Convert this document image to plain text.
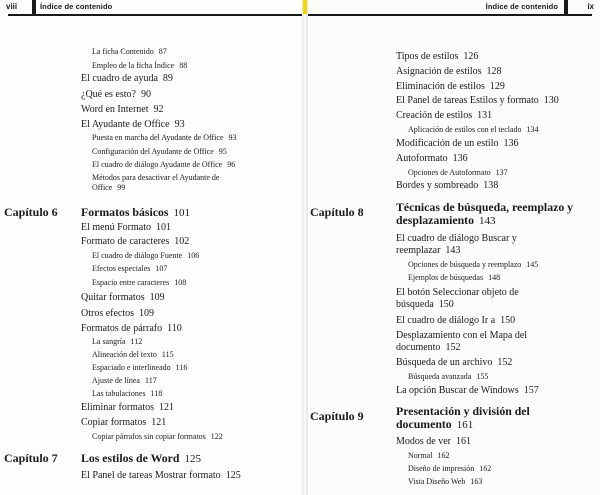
viii	Índice de contenido
La ficha Contenido 87
Empleo de la ficha Índice 88
El cuadro de ayuda 89
¿Qué es esto? 90
Word en Internet 92
El Ayudante de Office 93
Puesta en marcha del Ayudante de Office 93
Configuración del Ayudante de Office 95
El cuadro de diálogo Ayudante de Office 96
Métodos para desactivar el Ayudante de
Office 99
Capítulo 6 Formatos básicos 101
El menú Formato 101
Formato de caracteres 102
El cuadro de diálogo Fuente 106
Efectos especiales 107
Espacio entre caracteres 108
Quitar formatos 109
Otros efectos 109
Formatos de párrafo 110
La sangría 112
Alineación del texto 115
Espaciado e interlineado 116
Ajuste de línea 117
Las tabulaciones 118
Eliminar formatos 121
Copiar formatos 121
Copiar párrafos sin copiar formatos 122
Capítulo 7 Los estilos de Word 125
El Panel de tareas Mostrar formato 125
ix
Índice de contenido
Tipos de estilos 126
Asignación de estilos 128
Eliminación de estilos 129
El Panel de tareas Estilos y formato 130
Creación de estilos 131
Aplicación de estilos con el teclado 134
Modificación de un estilo 136
Autoformato 136
Opciones de Autoformato 137
Bordes y sombreado 138
Capítulo 8	Técnicas de búsqueda, reemplazo y
desplazamiento 143
El cuadro de diálogo Buscar y
reemplazar 143
Opciones de búsqueda y reemplazo 145
Ejemplos de búsquedas 148
El botón Seleccionar objeto de
búsqueda 150
El cuadro de diálogo Ir a 150
Desplazamiento con el Mapa del
documento 152
Búsqueda de un archivo 152
Búsqueda avanzada 155
La opción Buscar de Windows 157
Capítulo 9	Presentación y división del
documento 161
Modos de ver 161
Normal 162
Diseño de impresión 162
Vista Diseño Web 163
